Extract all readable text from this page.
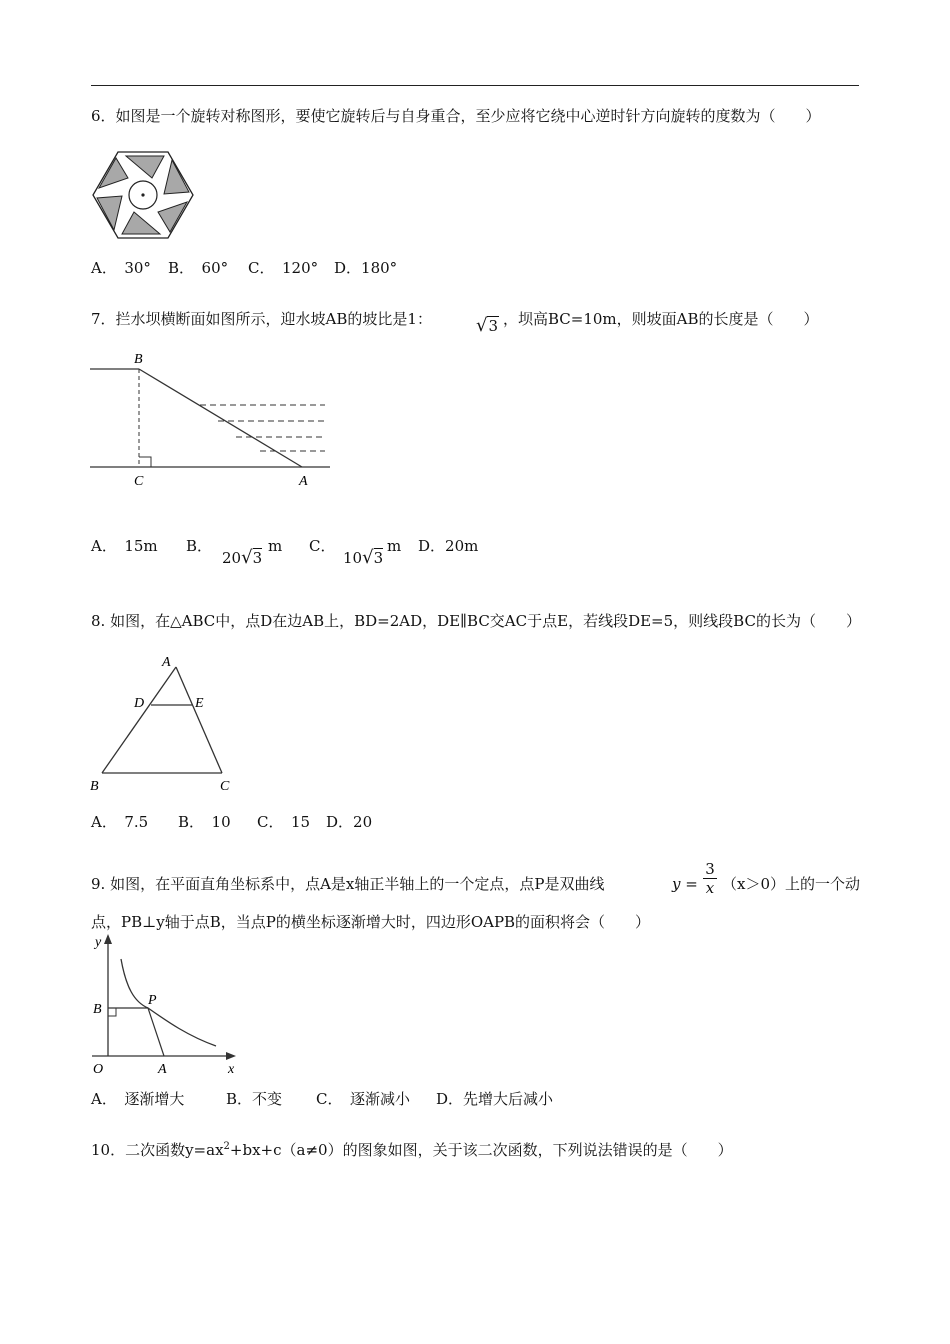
6．如图是一个旋转对称图形，要使它旋转后与自身重合，至少应将它绕中心逆时针方向旋转的度数为（　　）
A．　30° B．　60° C．　120° D．180°
7．拦水坝横断面如图所示，迎水坡AB的坡比是1： √3 ，坝高BC=10m，则坡面AB的长度是（　　）
B
C	A
A．　15m B．
20√3
m C．
10√3
m D．20m
8. 如图，在△ABC中，点D在边AB上，BD=2AD，DE∥BC交AC于点E，若线段DE=5，则线段BC的长为（　　）
A
D	E
B	C
A．　7.5 B．　10 C．　15 D．20
9. 如图，在平面直角坐标系中，点A是x轴正半轴上的一个定点，点P是双曲线	y =
3
x （x＞0）上的一个动
点，PB⊥y轴于点B，当点P的横坐标逐渐增大时，四边形OAPB的面积将会（　　）
y
B
P
O	A	x
A．　逐渐增大	B．不变 C．　逐渐减小 D．先增大后减小
10．二次函数$y=ax^2+bx+c(a\ne 0)$的图象如图，关于该二次函数，下列说法错误的是（　　）
